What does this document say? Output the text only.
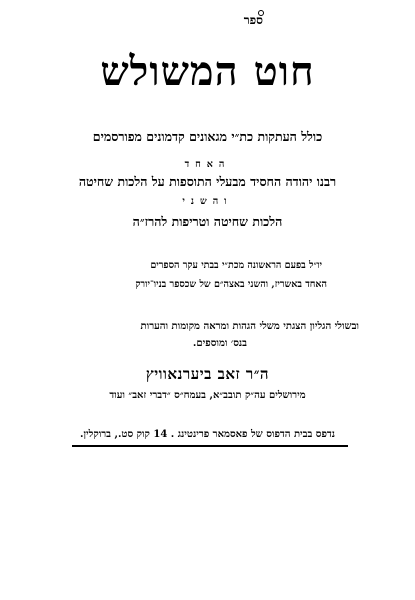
ספר
חוט המשולש
כולל העתקות כת״י מגאונים קדמונים מפורסמים
האחד
רבנו יהודה החסיד מבעלי התוספות על הלכות שחיטה
והשני
הלכות שחיטה וטריפות להרז״ה
יו״ל בפעם הראשונה מכת״י בבתי עקר הספרים
האחד באשריז, והשני באצה״ם של שכספר בניו־יורק
ובשולי הגליון הצגתי משלי הגהות ומראה מקומות והערות
בנס׳ ומוספים.
ה״ר זאב ביערנאוויץ
מירושלים עה״ק תובב״א, בעמח״ס ״דברי זאב״ ועוד
נדפס בבית הדפוס של פאסמאר פרינטינג . 14 קוק סט., ברוקלין.
